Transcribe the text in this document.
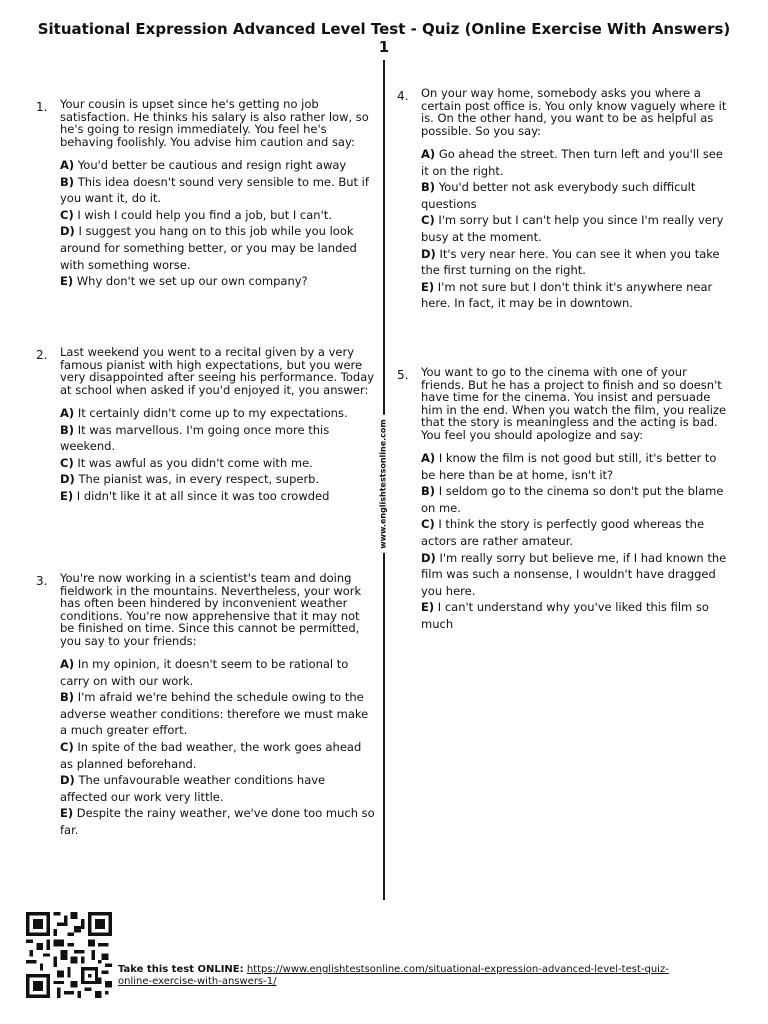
Situational Expression Advanced Level Test - Quiz (Online Exercise With Answers)
1
www.englishtestsonline.com
1. Your cousin is upset since he's getting no job satisfaction. He thinks his salary is also rather low, so he's going to resign immediately. You feel he's behaving foolishly. You advise him caution and say:

A) You'd better be cautious and resign right away
B) This idea doesn't sound very sensible to me. But if you want it, do it.
C) I wish I could help you find a job, but I can't.
D) I suggest you hang on to this job while you look around for something better, or you may be landed with something worse.
E) Why don't we set up our own company?
2. Last weekend you went to a recital given by a very famous pianist with high expectations, but you were very disappointed after seeing his performance. Today at school when asked if you'd enjoyed it, you answer:

A) It certainly didn't come up to my expectations.
B) It was marvellous. I'm going once more this weekend.
C) It was awful as you didn't come with me.
D) The pianist was, in every respect, superb.
E) I didn't like it at all since it was too crowded
3. You're now working in a scientist's team and doing fieldwork in the mountains. Nevertheless, your work has often been hindered by inconvenient weather conditions. You're now apprehensive that it may not be finished on time. Since this cannot be permitted, you say to your friends:

A) In my opinion, it doesn't seem to be rational to carry on with our work.
B) I'm afraid we're behind the schedule owing to the adverse weather conditions: therefore we must make a much greater effort.
C) In spite of the bad weather, the work goes ahead as planned beforehand.
D) The unfavourable weather conditions have affected our work very little.
E) Despite the rainy weather, we've done too much so far.
4. On your way home, somebody asks you where a certain post office is. You only know vaguely where it is. On the other hand, you want to be as helpful as possible. So you say:

A) Go ahead the street. Then turn left and you'll see it on the right.
B) You'd better not ask everybody such difficult questions
C) I'm sorry but I can't help you since I'm really very busy at the moment.
D) It's very near here. You can see it when you take the first turning on the right.
E) I'm not sure but I don't think it's anywhere near here. In fact, it may be in downtown.
5. You want to go to the cinema with one of your friends. But he has a project to finish and so doesn't have time for the cinema. You insist and persuade him in the end. When you watch the film, you realize that the story is meaningless and the acting is bad. You feel you should apologize and say:

A) I know the film is not good but still, it's better to be here than be at home, isn't it?
B) I seldom go to the cinema so don't put the blame on me.
C) I think the story is perfectly good whereas the actors are rather amateur.
D) I'm really sorry but believe me, if I had known the film was such a nonsense, I wouldn't have dragged you here.
E) I can't understand why you've liked this film so much
Take this test ONLINE: https://www.englishtestsonline.com/situational-expression-advanced-level-test-quiz-online-exercise-with-answers-1/
